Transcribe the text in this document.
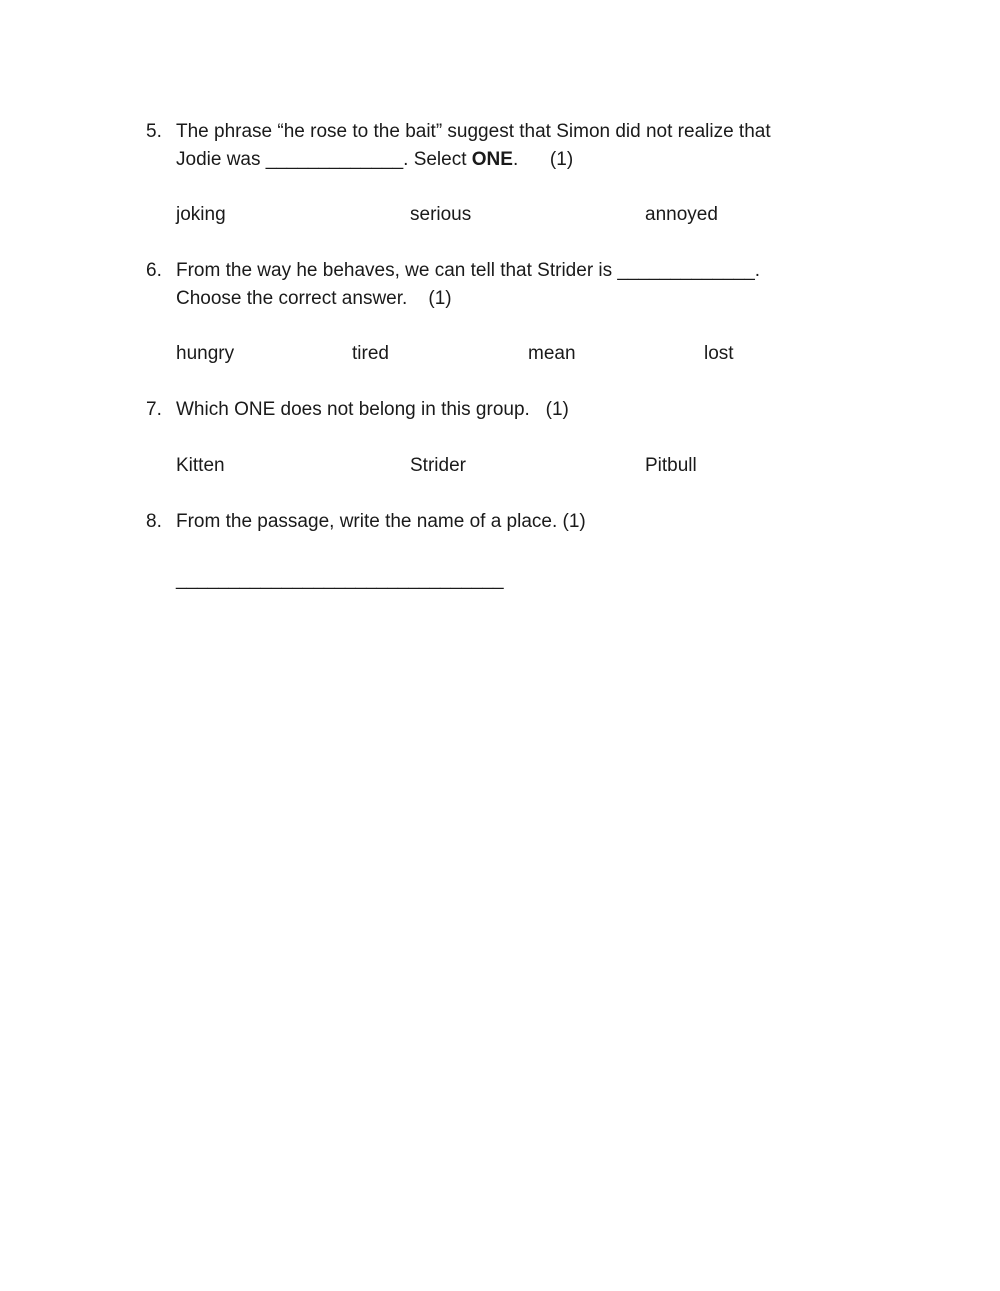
5.

The phrase “he rose to the bait” suggest that Simon did not realize that

Jodie was _____________. Select ONE.      (1)

joking	serious	annoyed

6.

From the way he behaves, we can tell that Strider is _____________.

Choose the correct answer.    (1)

hungry	tired	mean	lost

7.

Which ONE does not belong in this group.   (1)

Kitten	Strider	Pitbull

8.

From the passage, write the name of a place. (1)

_______________________________
